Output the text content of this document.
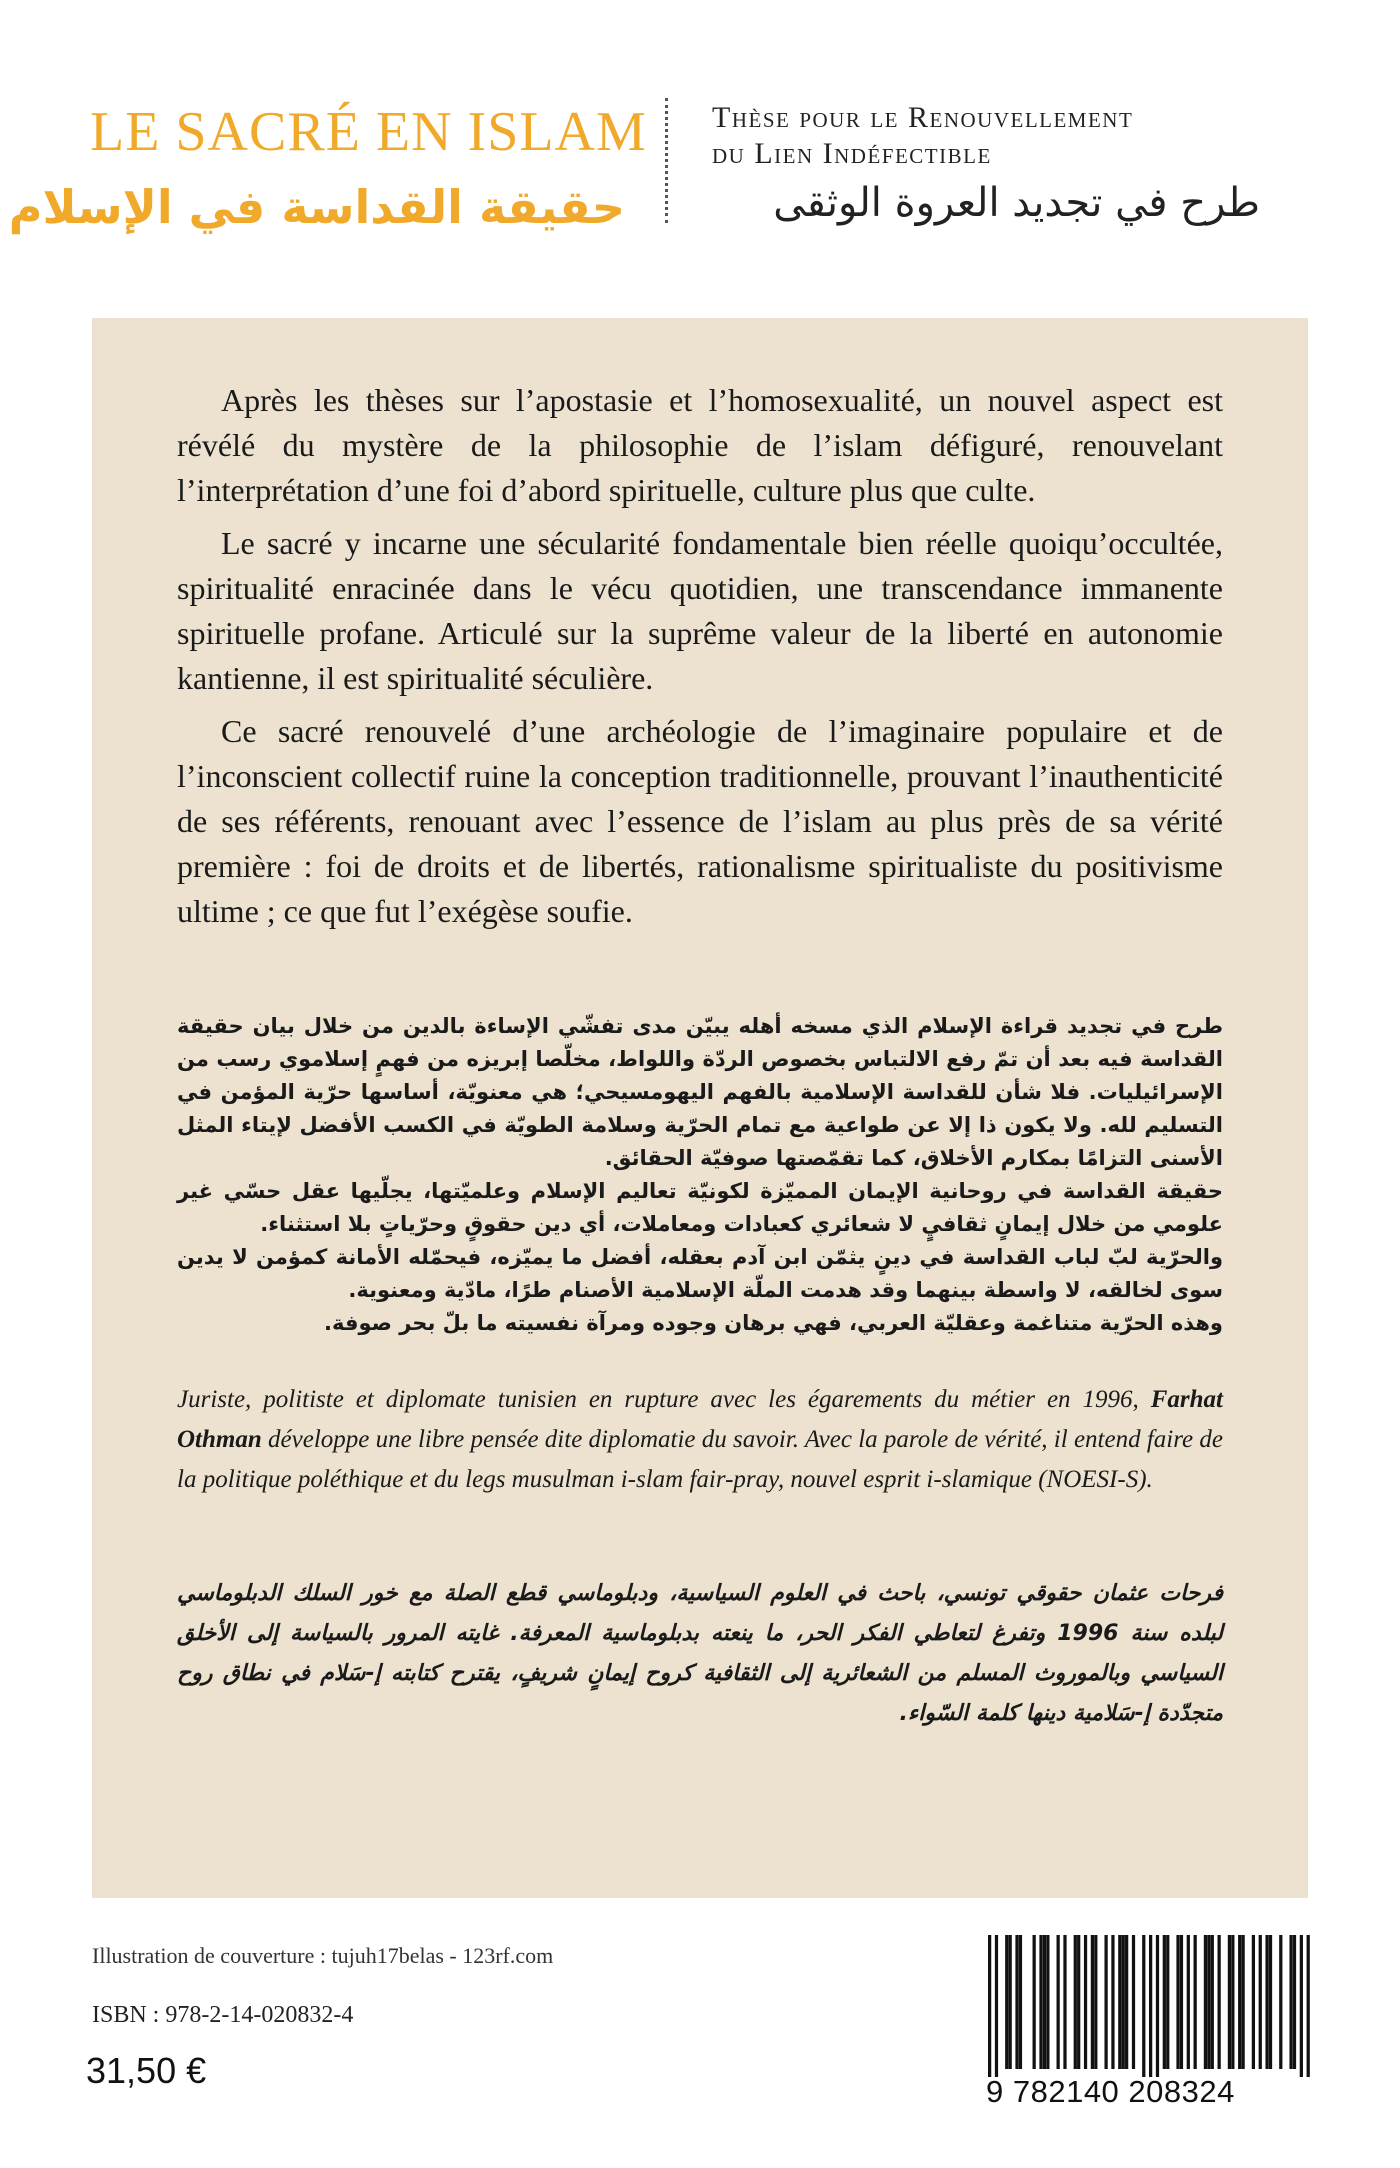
LE SACRÉ EN ISLAM
حقيقة القداسة في الإسلام
Thèse pour le Renouvellement
du Lien Indéfectible
طرح في تجديد العروة الوثقى

Après les thèses sur l’apostasie et l’homosexualité, un nouvel aspect est révélé du mystère de la philosophie de l’islam défiguré, renouvelant l’interprétation d’une foi d’abord spirituelle, culture plus que culte.

Le sacré y incarne une sécularité fondamentale bien réelle quoiqu’occultée, spiritualité enracinée dans le vécu quotidien, une transcendance immanente spirituelle profane. Articulé sur la suprême valeur de la liberté en autonomie kantienne, il est spiritualité séculière.

Ce sacré renouvelé d’une archéologie de l’imaginaire populaire et de l’inconscient collectif ruine la conception traditionnelle, prouvant l’inauthenticité de ses référents, renouant avec l’essence de l’islam au plus près de sa vérité première : foi de droits et de libertés, rationalisme spiritualiste du positivisme ultime ; ce que fut l’exégèse soufie.

طرح في تجديد قراءة الإسلام الذي مسخه أهله يبيّن مدى تفشّي الإساءة بالدين من خلال بيان حقيقة القداسة فيه بعد أن تمّ رفع الالتباس بخصوص الردّة واللواط، مخلّصا إبريزه من فهمٍ إسلاموي رسب من الإسرائيليات. فلا شأن للقداسة الإسلامية بالفهم اليهومسيحي؛ هي معنويّة، أساسها حرّية المؤمن في التسليم لله. ولا يكون ذا إلا عن طواعية مع تمام الحرّية وسلامة الطويّة في الكسب الأفضل لإيتاء المثل الأسنى التزامًا بمكارم الأخلاق، كما تقمّصتها صوفيّة الحقائق.

حقيقة القداسة في روحانية الإيمان المميّزة لكونيّة تعاليم الإسلام وعلميّتها، يجلّيها عقل حسّي غير علومي من خلال إيمانٍ ثقافيٍ لا شعائري كعبادات ومعاملات، أي دين حقوقٍ وحرّياتٍ بلا استثناء.

والحرّية لبّ لباب القداسة في دينٍ يثمّن ابن آدم بعقله، أفضل ما يميّزه، فيحمّله الأمانة كمؤمن لا يدين سوى لخالقه، لا واسطة بينهما وقد هدمت الملّة الإسلامية الأصنام طرًا، مادّية ومعنوية.

وهذه الحرّية متناغمة وعقليّة العربي، فهي برهان وجوده ومرآة نفسيته ما بلّ بحر صوفة.

Juriste, politiste et diplomate tunisien en rupture avec les égarements du métier en 1996, Farhat Othman développe une libre pensée dite diplomatie du savoir. Avec la parole de vérité, il entend faire de la politique poléthique et du legs musulman i-slam fair-pray, nouvel esprit i-slamique (NOESI-S).
فرحات عثمان حقوقي تونسي، باحث في العلوم السياسية، ودبلوماسي قطع الصلة مع خور السلك الدبلوماسي لبلده سنة 1996 وتفرغ لتعاطي الفكر الحر، ما ينعته بدبلوماسية المعرفة. غايته المرور بالسياسة إلى الأخلق السياسي وبالموروث المسلم من الشعائرية إلى الثقافية كروح إيمانٍ شريفٍ، يقترح كتابته إ-سَلام في نطاق روح متجدّدة إ-سَلامية دينها كلمة السّواء.
Illustration de couverture : tujuh17belas - 123rf.com
ISBN : 978-2-14-020832-4
31,50 €
9 782140 208324
